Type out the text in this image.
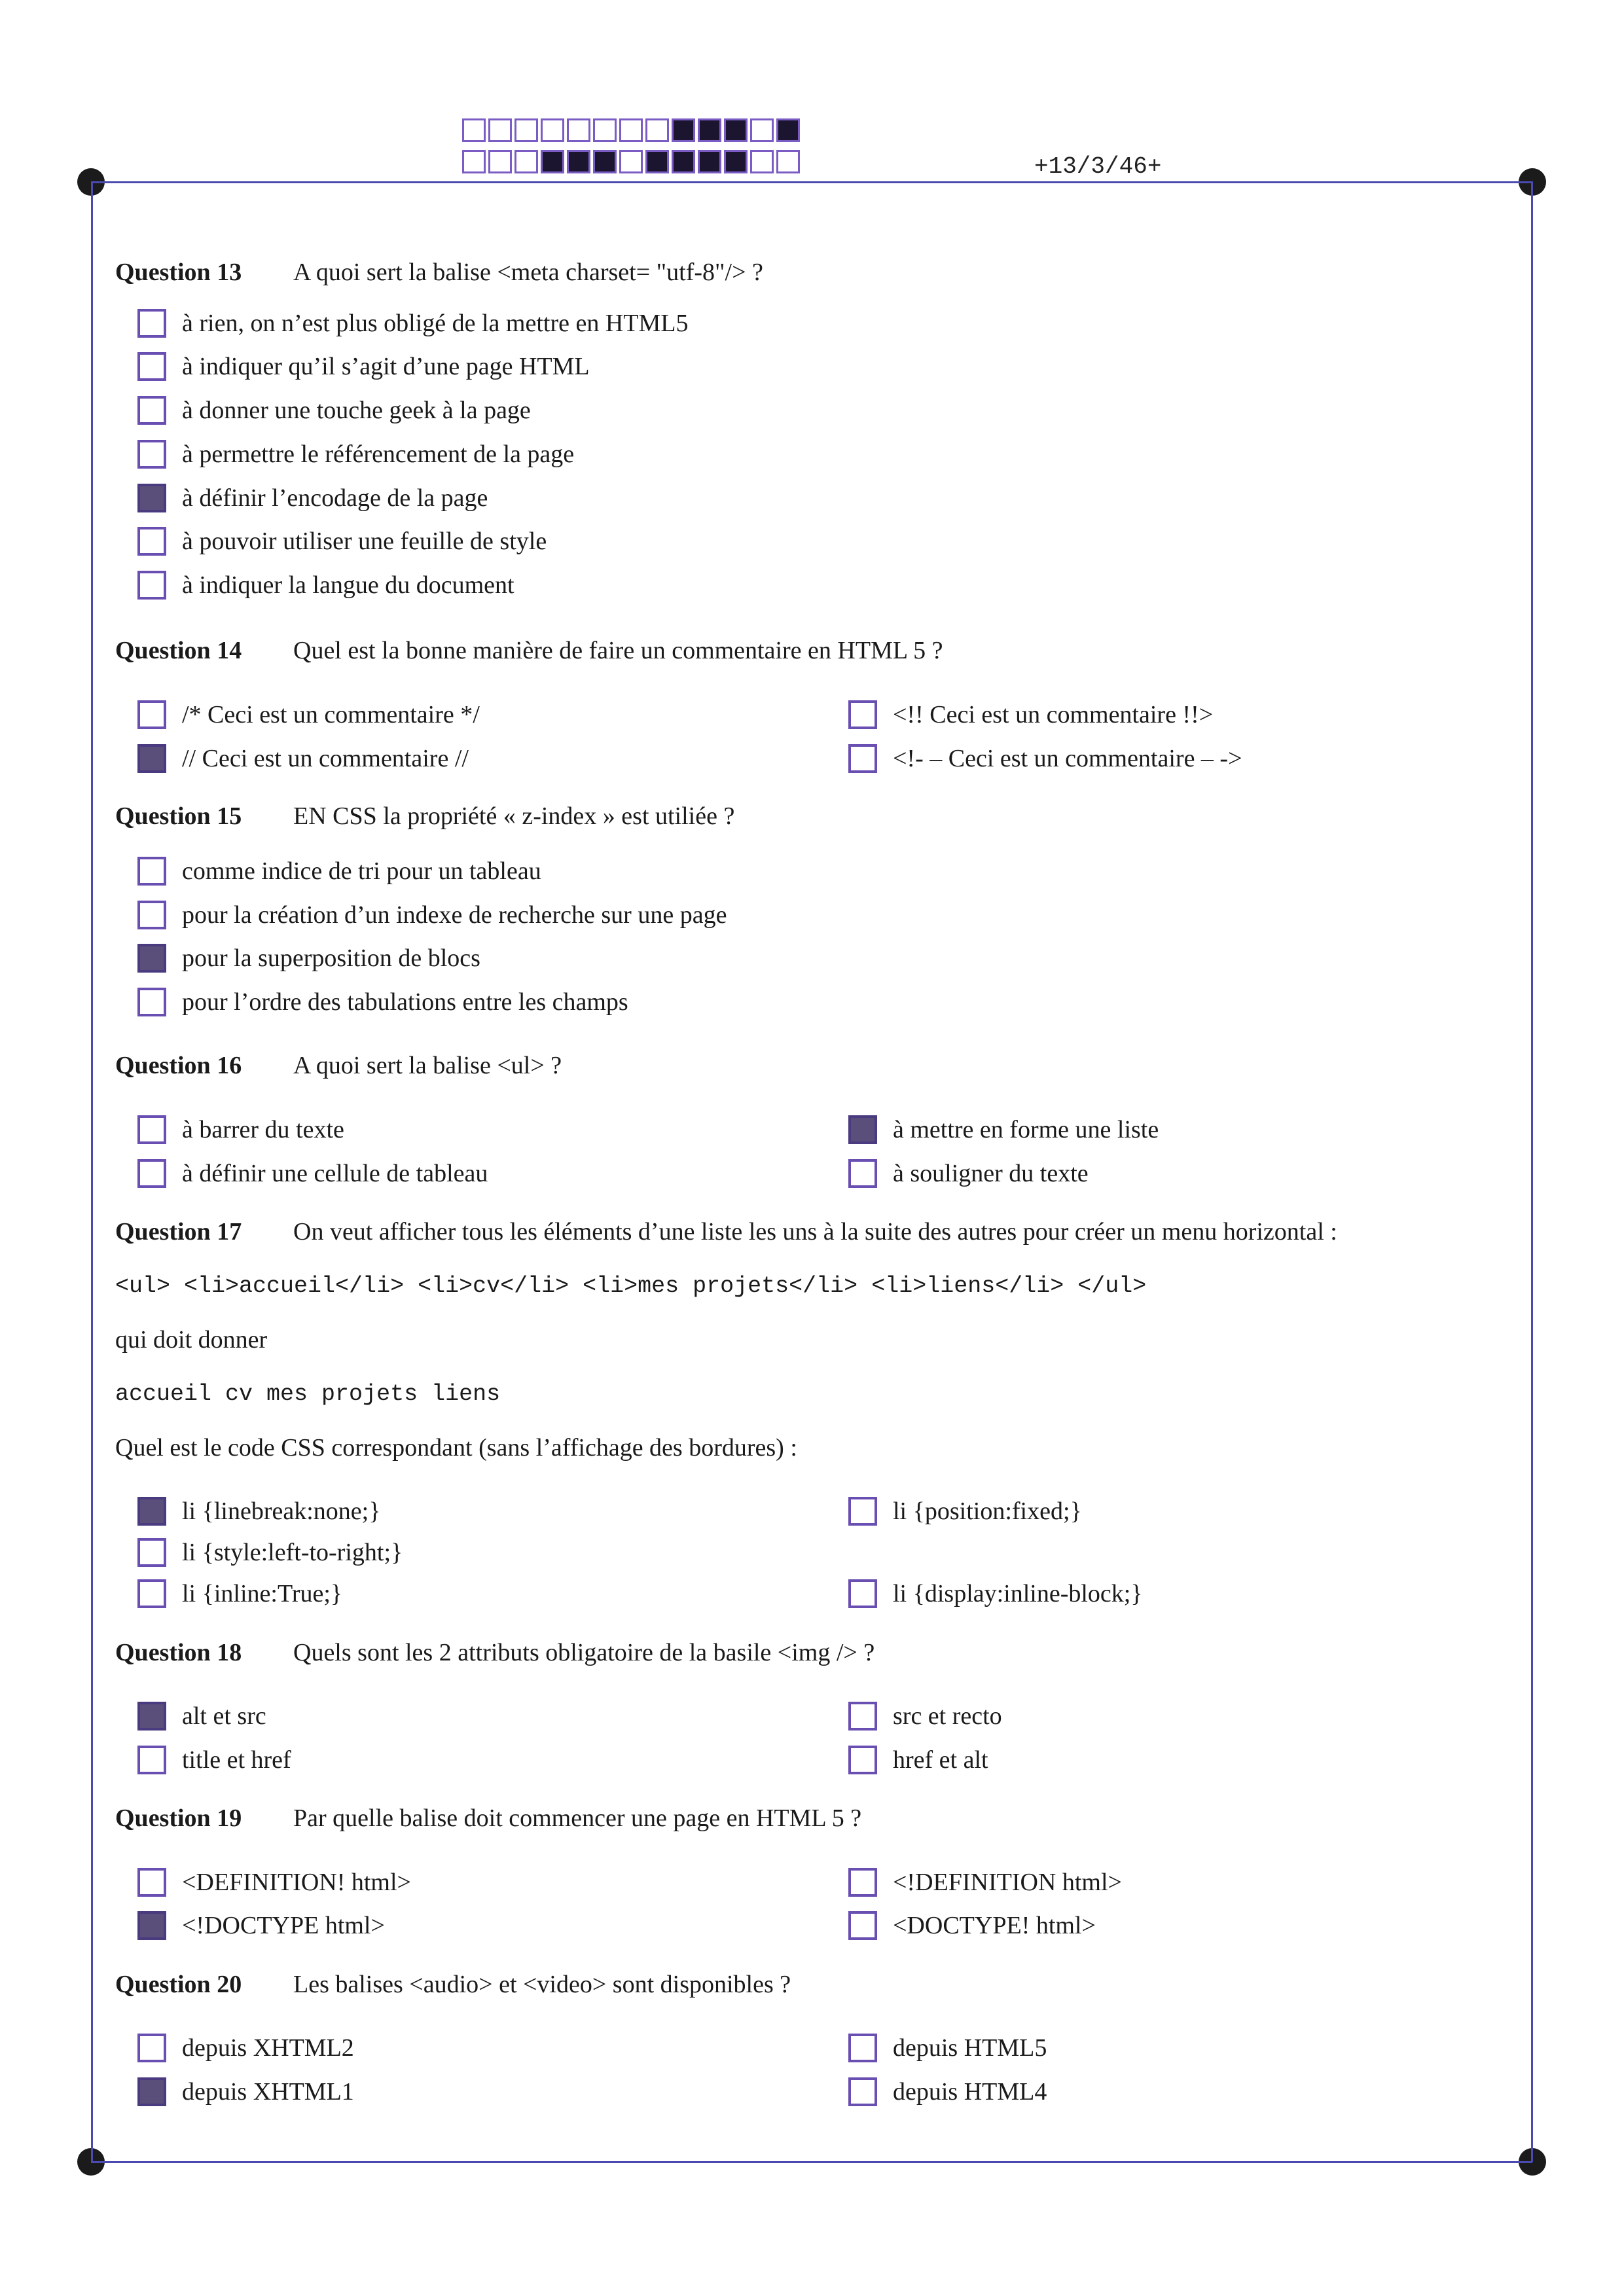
+13/3/46+
Question 13 A quoi sert la balise <meta charset= "utf-8"/> ?
à rien, on n’est plus obligé de la mettre en HTML5
à indiquer qu’il s’agit d’une page HTML
à donner une touche geek à la page
à permettre le référencement de la page
à définir l’encodage de la page
à pouvoir utiliser une feuille de style
à indiquer la langue du document
Question 14 Quel est la bonne manière de faire un commentaire en HTML 5 ?
/* Ceci est un commentaire */	<!! Ceci est un commentaire !!>
// Ceci est un commentaire //	<!- – Ceci est un commentaire – ->
Question 15 EN CSS la propriété « z-index » est utiliée ?
comme indice de tri pour un tableau
pour la création d’un indexe de recherche sur une page
pour la superposition de blocs
pour l’ordre des tabulations entre les champs
Question 16 A quoi sert la balise <ul> ?
à barrer du texte	à mettre en forme une liste
à définir une cellule de tableau	à souligner du texte
Question 17 On veut afficher tous les éléments d’une liste les uns à la suite des autres pour créer un menu horizontal :
<ul> <li>accueil</li> <li>cv</li> <li>mes projets</li> <li>liens</li> </ul>
qui doit donner
accueil cv mes projets liens
Quel est le code CSS correspondant (sans l’affichage des bordures) :
li {linebreak:none;}	li {position:fixed;}
li {style:left-to-right;}
li {inline:True;}	li {display:inline-block;}
Question 18 Quels sont les 2 attributs obligatoire de la basile <img /> ?
alt et src	src et recto
title et href	href et alt
Question 19 Par quelle balise doit commencer une page en HTML 5 ?
<DEFINITION! html>	<!DEFINITION html>
<!DOCTYPE html>	<DOCTYPE! html>
Question 20 Les balises <audio> et <video> sont disponibles ?
depuis XHTML2	depuis HTML5
depuis XHTML1	depuis HTML4
